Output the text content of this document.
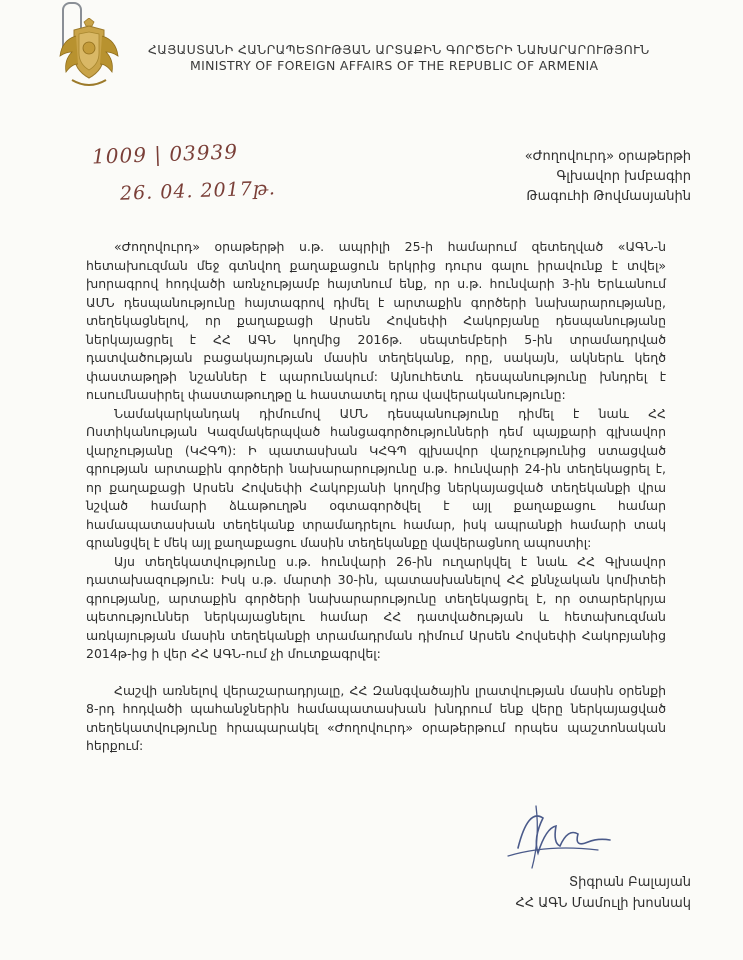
ՀԱՅԱՍՏԱՆԻ ՀԱՆՐԱՊԵՏՈՒԹՅԱՆ ԱՐՏԱՔԻՆ ԳՈՐԾԵՐԻ ՆԱԽԱՐԱՐՈՒԹՅՈՒՆ
MINISTRY OF FOREIGN AFFAIRS OF THE REPUBLIC OF ARMENIA
1009 | 03939
26. 04. 2017թ.
«Ժողովուրդ» օրաթերթի
Գլխավոր խմբագիր
Թագուհի Թովմասյանին

«Ժողովուրդ» օրաթերթի ս.թ. ապրիլի 25-ի համարում զետեղված «ԱԳՆ-ն հետախուզման մեջ գտնվող քաղաքացուն երկրից դուրս գալու իրավունք է տվել» խորագրով հոդվածի առնչությամբ հայտնում ենք, որ ս.թ. հունվարի 3-ին Երևանում ԱՄՆ դեսպանությունը հայտագրով դիմել է արտաքին գործերի նախարարությանը, տեղեկացնելով, որ քաղաքացի Արսեն Հովսեփի Հակոբյանը դեսպանությանը ներկայացրել է ՀՀ ԱԳՆ կողմից 2016թ. սեպտեմբերի 5-ին տրամադրված դատվածության բացակայության մասին տեղեկանք, որը, սակայն, ակներև կեղծ փաստաթղթի նշաններ է պարունակում: Այնուհետև դեսպանությունը խնդրել է ուսումնասիրել փաստաթուղթը և հաստատել դրա վավերականությունը:

Նամակարկանդակ դիմումով ԱՄՆ դեսպանությունը դիմել է նաև ՀՀ Ոստիկանության Կազմակերպված հանցագործությունների դեմ պայքարի գլխավոր վարչությանը (ԿՀԳՊ): Ի պատասխան ԿՀԳՊ գլխավոր վարչությունից ստացված գրության արտաքին գործերի նախարարությունը ս.թ. հունվարի 24-ին տեղեկացրել է, որ քաղաքացի Արսեն Հովսեփի Հակոբյանի կողմից ներկայացված տեղեկանքի վրա նշված համարի ձևաթուղթն օգտագործվել է այլ քաղաքացու համար համապատասխան տեղեկանք տրամադրելու համար, իսկ ապրանքի համարի տակ գրանցվել է մեկ այլ քաղաքացու մասին տեղեկանքը վավերացնող ապոստիլ:

Այս տեղեկատվությունը ս.թ. հունվարի 26-ին ուղարկվել է նաև ՀՀ Գլխավոր դատախազություն: Իսկ ս.թ. մարտի 30-ին, պատասխանելով ՀՀ քննչական կոմիտեի գրությանը, արտաքին գործերի նախարարությունը տեղեկացրել է, որ օտարերկրյա պետություններ ներկայացնելու համար ՀՀ դատվածության և հետախուզման առկայության մասին տեղեկանքի տրամադրման դիմում Արսեն Հովսեփի Հակոբյանից 2014թ-ից ի վեր ՀՀ ԱԳՆ-ում չի մուտքագրվել:

Հաշվի առնելով վերաշարադրյալը, ՀՀ Զանգվածային լրատվության մասին օրենքի 8-րդ հոդվածի պահանջներին համապատասխան խնդրում ենք վերը ներկայացված տեղեկատվությունը հրապարակել «Ժողովուրդ» օրաթերթում որպես պաշտոնական հերքում:

Տիգրան Բալայան
ՀՀ ԱԳՆ Մամուլի խոսնակ
